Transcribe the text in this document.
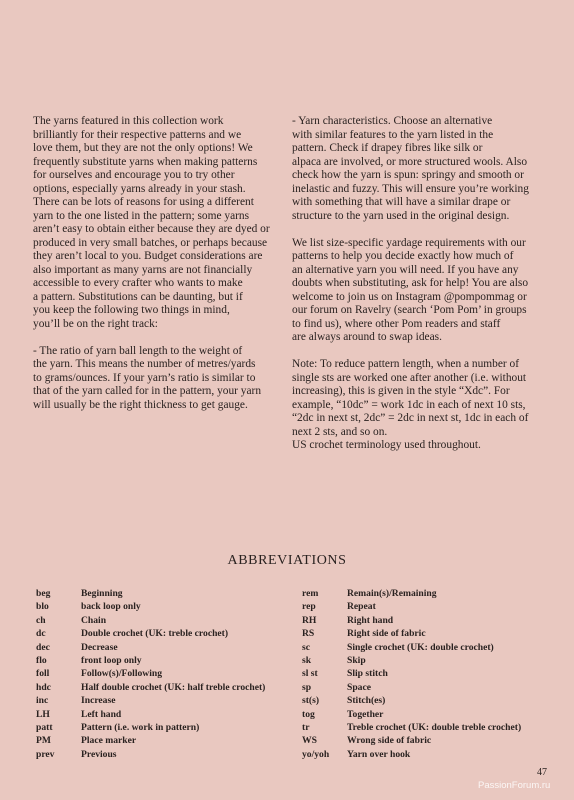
The yarns featured in this collection work
brilliantly for their respective patterns and we
love them, but they are not the only options! We
frequently substitute yarns when making patterns
for ourselves and encourage you to try other
options, especially yarns already in your stash.
There can be lots of reasons for using a different
yarn to the one listed in the pattern; some yarns
aren’t easy to obtain either because they are dyed or
produced in very small batches, or perhaps because
they aren’t local to you. Budget considerations are
also important as many yarns are not financially
accessible to every crafter who wants to make
a pattern. Substitutions can be daunting, but if
you keep the following two things in mind,
you’ll be on the right track:

- The ratio of yarn ball length to the weight of
the yarn. This means the number of metres/yards
to grams/ounces. If your yarn’s ratio is similar to
that of the yarn called for in the pattern, your yarn
will usually be the right thickness to get gauge.

- Yarn characteristics. Choose an alternative
with similar features to the yarn listed in the
pattern. Check if drapey fibres like silk or
alpaca are involved, or more structured wools. Also
check how the yarn is spun: springy and smooth or
inelastic and fuzzy. This will ensure you’re working
with something that will have a similar drape or
structure to the yarn used in the original design.

We list size-specific yardage requirements with our
patterns to help you decide exactly how much of
an alternative yarn you will need. If you have any
doubts when substituting, ask for help! You are also
welcome to join us on Instagram @pompommag or
our forum on Ravelry (search ‘Pom Pom’ in groups
to find us), where other Pom readers and staff
are always around to swap ideas.

Note: To reduce pattern length, when a number of
single sts are worked one after another (i.e. without
increasing), this is given in the style “Xdc”. For
example, “10dc” = work 1dc in each of next 10 sts,
“2dc in next st, 2dc” = 2dc in next st, 1dc in each of
next 2 sts, and so on.
US crochet terminology used throughout.

ABBREVIATIONS
beg	Beginning
blo	back loop only
ch	Chain
dc	Double crochet (UK: treble crochet)
dec	Decrease
flo	front loop only
foll	Follow(s)/Following
hdc	Half double crochet (UK: half treble crochet)
inc	Increase
LH	Left hand
patt	Pattern (i.e. work in pattern)
PM	Place marker
prev	Previous
rem	Remain(s)/Remaining
rep	Repeat
RH	Right hand
RS	Right side of fabric
sc	Single crochet (UK: double crochet)
sk	Skip
sl st	Slip stitch
sp	Space
st(s)	Stitch(es)
tog	Together
tr	Treble crochet (UK: double treble crochet)
WS	Wrong side of fabric
yo/yoh	Yarn over hook
47
PassionForum.ru
